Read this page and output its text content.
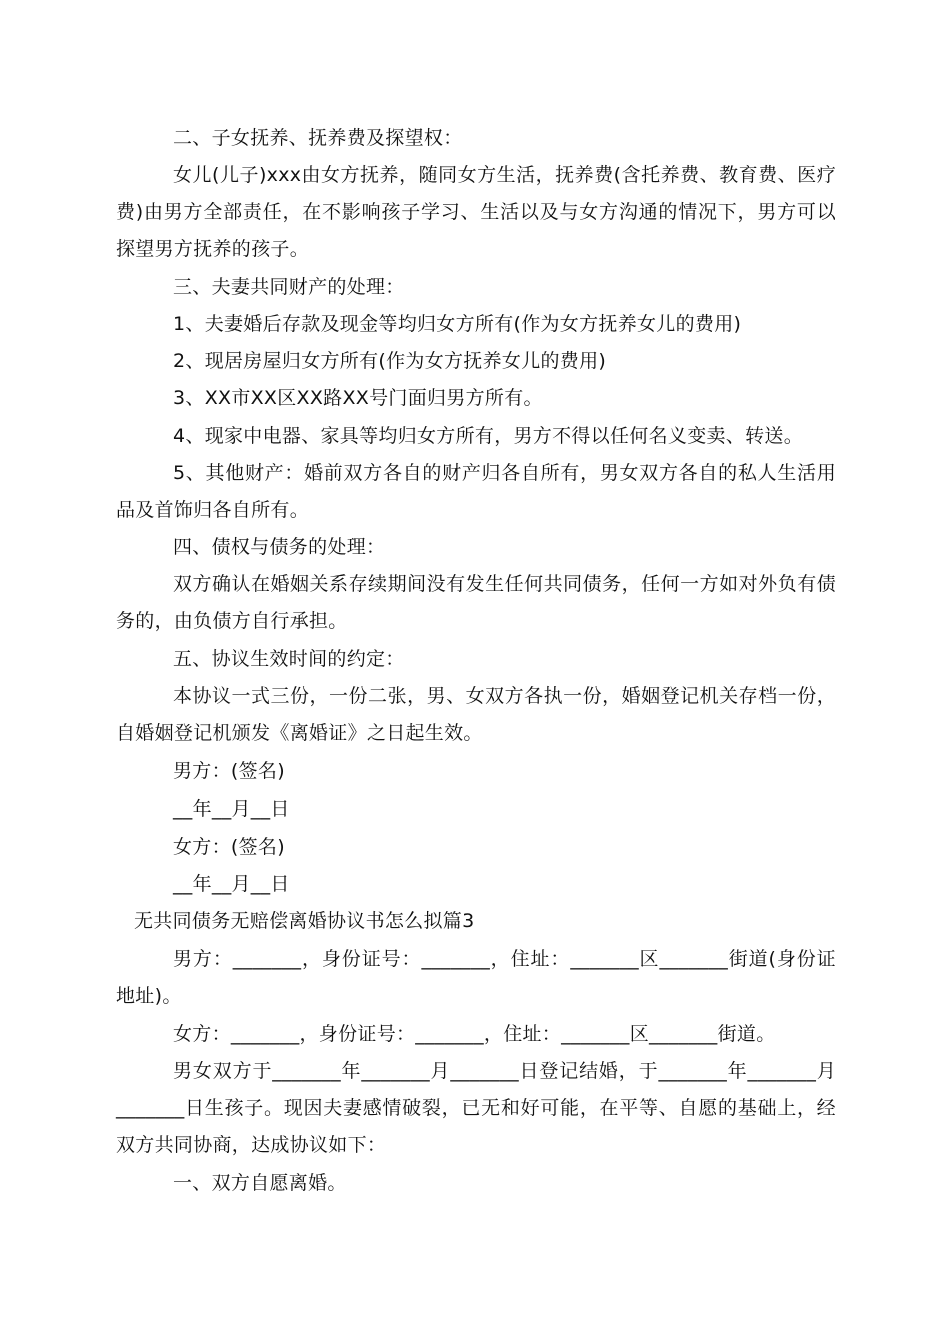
二、子女抚养、抚养费及探望权：

女儿(儿子)xxx由女方抚养，随同女方生活，抚养费(含托养费、教育费、医疗费)由男方全部责任，在不影响孩子学习、生活以及与女方沟通的情况下，男方可以探望男方抚养的孩子。

三、夫妻共同财产的处理：

1、夫妻婚后存款及现金等均归女方所有(作为女方抚养女儿的费用)

2、现居房屋归女方所有(作为女方抚养女儿的费用)

3、XX市XX区XX路XX号门面归男方所有。

4、现家中电器、家具等均归女方所有，男方不得以任何名义变卖、转送。

5、其他财产：婚前双方各自的财产归各自所有，男女双方各自的私人生活用品及首饰归各自所有。

四、债权与债务的处理：

双方确认在婚姻关系存续期间没有发生任何共同债务，任何一方如对外负有债务的，由负债方自行承担。

五、协议生效时间的约定：

本协议一式三份，一份二张，男、女双方各执一份，婚姻登记机关存档一份，自婚姻登记机颁发《离婚证》之日起生效。

男方：(签名)

__年__月__日

女方：(签名)

__年__月__日

无共同债务无赔偿离婚协议书怎么拟篇3

男方：_______，身份证号：_______，住址：_______区_______街道(身份证地址)。

女方：_______，身份证号：_______，住址：_______区_______街道。

男女双方于_______年_______月_______日登记结婚，于_______年_______月_______日生孩子。现因夫妻感情破裂，已无和好可能，在平等、自愿的基础上，经双方共同协商，达成协议如下：

一、双方自愿离婚。
